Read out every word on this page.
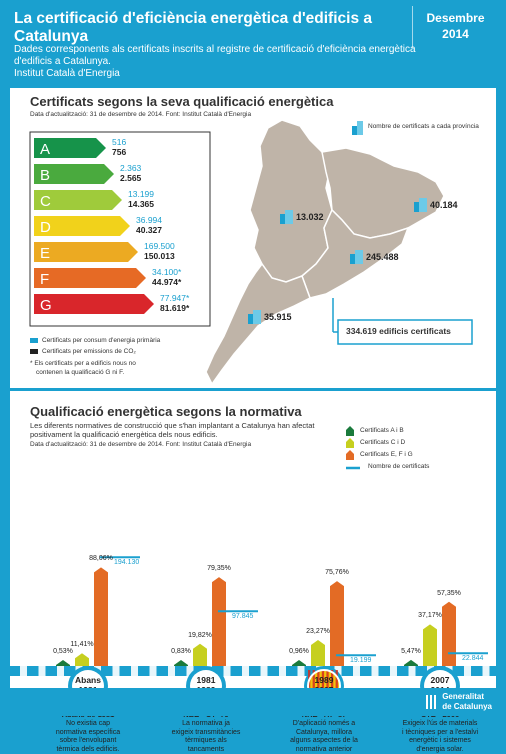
La certificació d'eficiència energètica d'edificis a Catalunya
Desembre
2014
Dades corresponents als certificats inscrits al registre de certificació d'eficiència energètica
d'edificis a Catalunya.
Institut Català d'Energia
Certificats segons la seva qualificació energètica
Data d'actualització: 31 de desembre de 2014. Font: Institut Català d'Energia
A
B
C
D
E
F
G
Nombre de certificats a cada província
334.619 edificis certificats
Certificats per consum d'energia primària
Certificats per emissions de CO₂
* Els certificats per a edificis nous no
contenen la qualificació G ni F.
13.032
40.184
245.488
35.915
516
756
2.363
2.565
13.199
14.365
36.994
40.327
169.500
150.013
34.100*
44.974*
77.947*
81.619*
Qualificació energètica segons la normativa
Les diferents normatives de construcció que s'han implantant a Catalunya han afectat
positivament la qualificació energètica dels nous edificis.
Data d'actualització: 31 de desembre de 2014. Font: Institut Català d'Energia
Certificats A i B
Certificats C i D
Certificats E, F i G
Nombre de certificats
0,53%
11,41%
88,06%
194.130
0,83%
19,82%
79,35%
97.845
0,96%
23,27%
75,76%
19.199
5,47%
37,17%
57,35%
22.844
Abans
No existia cap
normativa específica
sobre l'envolupant
tèrmica dels edificis.
1981
La normativa ja
exigeix transmitàncies
tèrmiques als
tancaments
1989
D'aplicació només a
Catalunya, millora
alguns aspectes de la
normativa anterior
2007
Exigeix l'ús de materials
i tècniques per a l'estalvi
energètic i sistemes
d'energia solar.
Generalitat
de Catalunya
